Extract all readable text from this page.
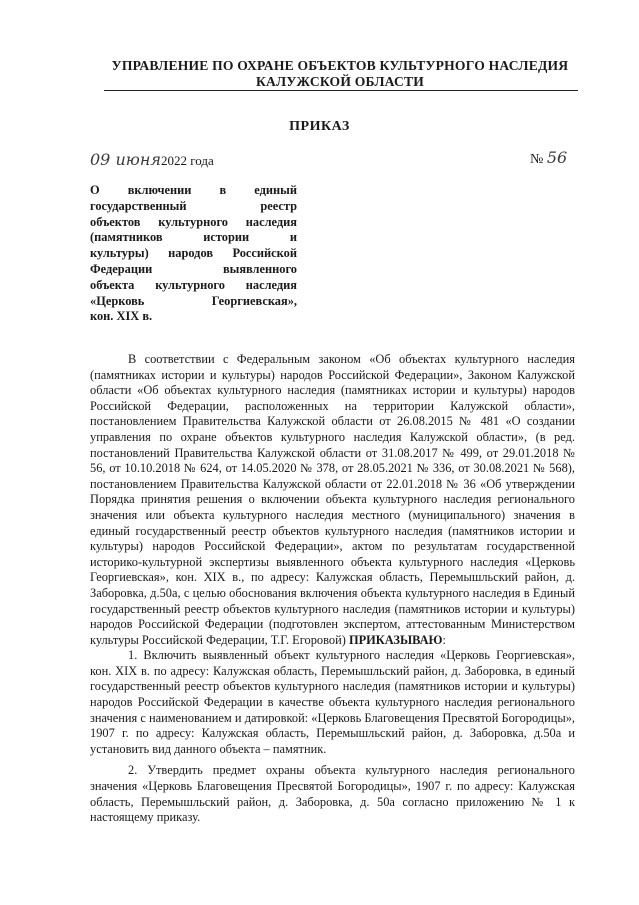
УПРАВЛЕНИЕ ПО ОХРАНЕ ОБЪЕКТОВ КУЛЬТУРНОГО НАСЛЕДИЯ
КАЛУЖСКОЙ ОБЛАСТИ
ПРИКАЗ
09 июня2022 года	№ 56
О включении в единый
государственный реестр
объектов культурного наследия
(памятников истории и
культуры) народов Российской
Федерации выявленного
объекта культурного наследия
«Церковь Георгиевская»,
кон. XIX в.

В соответствии с Федеральным законом «Об объектах культурного наследия (памятниках истории и культуры) народов Российской Федерации», Законом Калужской области «Об объектах культурного наследия (памятниках истории и культуры) народов Российской Федерации, расположенных на территории Калужской области», постановлением Правительства Калужской области от 26.08.2015 № 481 «О создании управления по охране объектов культурного наследия Калужской области», (в ред. постановлений Правительства Калужской области от 31.08.2017 № 499, от 29.01.2018 № 56, от 10.10.2018 № 624, от 14.05.2020 № 378, от 28.05.2021 № 336, от 30.08.2021 № 568), постановлением Правительства Калужской области от 22.01.2018 № 36 «Об утверждении Порядка принятия решения о включении объекта культурного наследия регионального значения или объекта культурного наследия местного (муниципального) значения в единый государственный реестр объектов культурного наследия (памятников истории и культуры) народов Российской Федерации», актом по результатам государственной историко-культурной экспертизы выявленного объекта культурного наследия «Церковь Георгиевская», кон. XIX в., по адресу: Калужская область, Перемышльский район, д. Заборовка, д.50а, с целью обоснования включения объекта культурного наследия в Единый государственный реестр объектов культурного наследия (памятников истории и культуры) народов Российской Федерации (подготовлен экспертом, аттестованным Министерством культуры Российской Федерации, Т.Г. Егоровой) ПРИКАЗЫВАЮ:

1. Включить выявленный объект культурного наследия «Церковь Георгиевская», кон. XIX в. по адресу: Калужская область, Перемышльский район, д. Заборовка, в единый государственный реестр объектов культурного наследия (памятников истории и культуры) народов Российской Федерации в качестве объекта культурного наследия регионального значения с наименованием и датировкой: «Церковь Благовещения Пресвятой Богородицы», 1907 г. по адресу: Калужская область, Перемышльский район, д. Заборовка, д.50а и установить вид данного объекта – памятник.

2. Утвердить предмет охраны объекта культурного наследия регионального значения «Церковь Благовещения Пресвятой Богородицы», 1907 г. по адресу: Калужская область, Перемышльский район, д. Заборовка, д. 50а согласно приложению № 1 к настоящему приказу.
